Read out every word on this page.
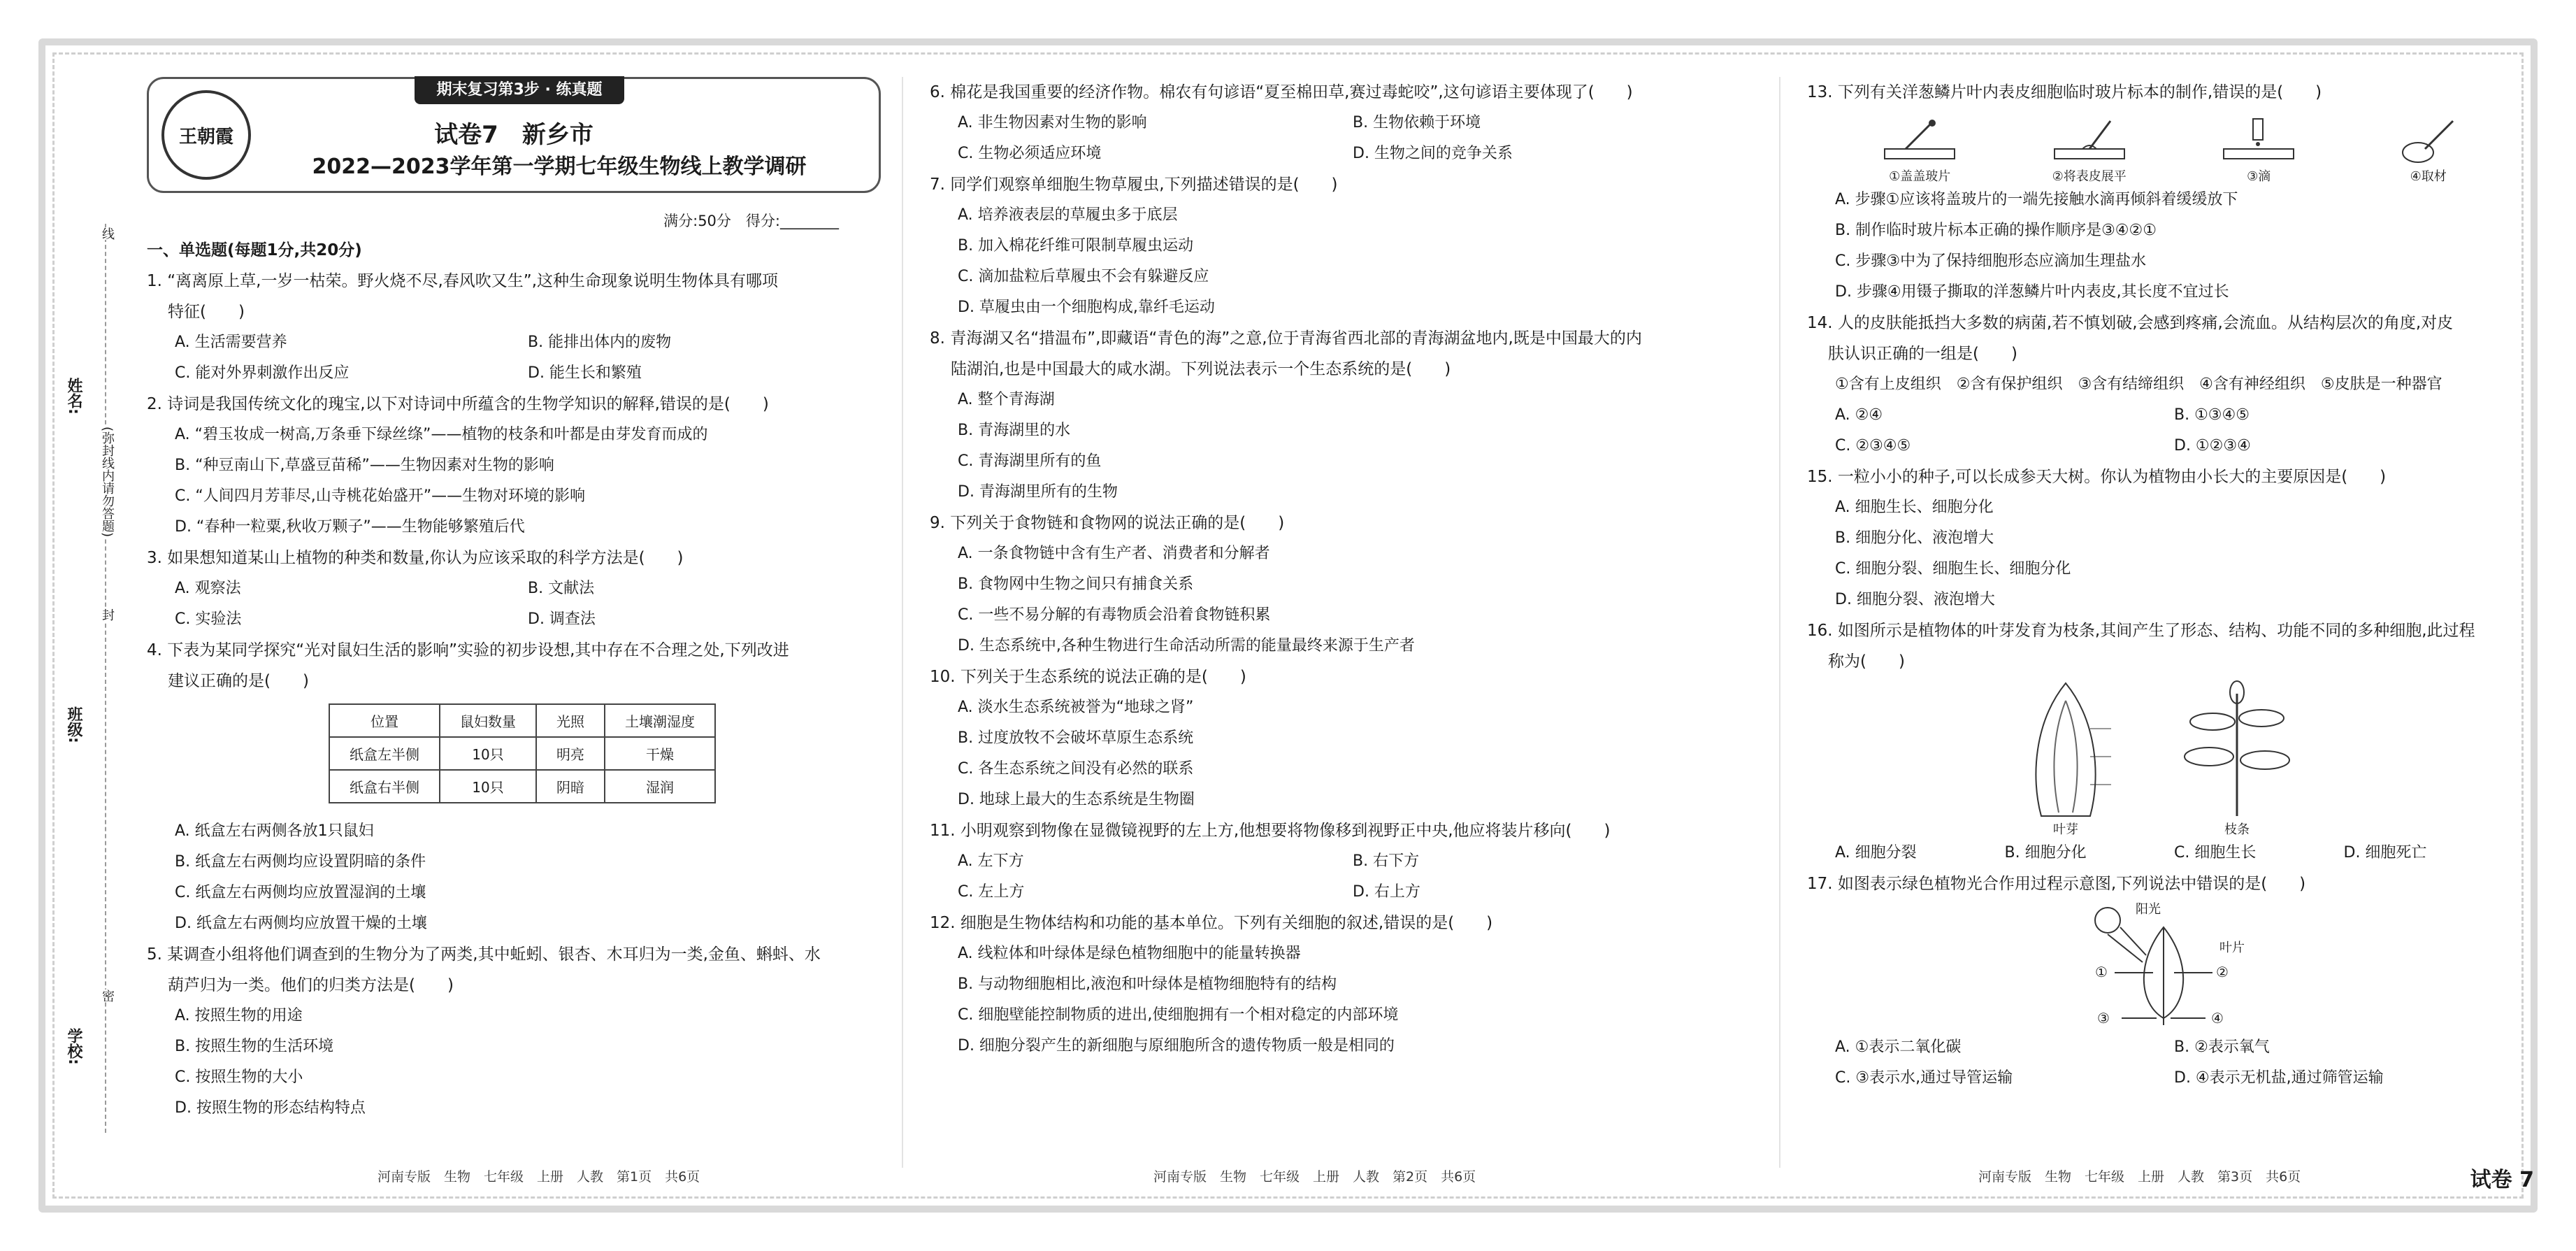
线
(弥封线内请勿答题)
封
密
姓名:
班级:
学校:
期末复习第3步 · 练真题
王朝霞	试卷7　新乡市
2022—2023学年第一学期七年级生物线上教学调研
满分:50分　得分:________
一、单选题(每题1分,共20分)
1. “离离原上草,一岁一枯荣。野火烧不尽,春风吹又生”,这种生命现象说明生物体具有哪项
特征(　　)
A. 生活需要营养	B. 能排出体内的废物
C. 能对外界刺激作出反应	D. 能生长和繁殖
2. 诗词是我国传统文化的瑰宝,以下对诗词中所蕴含的生物学知识的解释,错误的是(　　)
A. “碧玉妆成一树高,万条垂下绿丝绦”——植物的枝条和叶都是由芽发育而成的
B. “种豆南山下,草盛豆苗稀”——生物因素对生物的影响
C. “人间四月芳菲尽,山寺桃花始盛开”——生物对环境的影响
D. “春种一粒粟,秋收万颗子”——生物能够繁殖后代
3. 如果想知道某山上植物的种类和数量,你认为应该采取的科学方法是(　　)
A. 观察法	B. 文献法
C. 实验法	D. 调查法
4. 下表为某同学探究“光对鼠妇生活的影响”实验的初步设想,其中存在不合理之处,下列改进
建议正确的是(　　)
位置	鼠妇数量	光照	土壤潮湿度
纸盒左半侧	10只	明亮	干燥
纸盒右半侧	10只	阴暗	湿润
A. 纸盒左右两侧各放1只鼠妇
B. 纸盒左右两侧均应设置阴暗的条件
C. 纸盒左右两侧均应放置湿润的土壤
D. 纸盒左右两侧均应放置干燥的土壤
5. 某调查小组将他们调查到的生物分为了两类,其中蚯蚓、银杏、木耳归为一类,金鱼、蝌蚪、水
葫芦归为一类。他们的归类方法是(　　)
A. 按照生物的用途
B. 按照生物的生活环境
C. 按照生物的大小
D. 按照生物的形态结构特点
6. 棉花是我国重要的经济作物。棉农有句谚语“夏至棉田草,赛过毒蛇咬”,这句谚语主要体现了(　　)
A. 非生物因素对生物的影响	B. 生物依赖于环境
C. 生物必须适应环境	D. 生物之间的竞争关系
7. 同学们观察单细胞生物草履虫,下列描述错误的是(　　)
A. 培养液表层的草履虫多于底层
B. 加入棉花纤维可限制草履虫运动
C. 滴加盐粒后草履虫不会有躲避反应
D. 草履虫由一个细胞构成,靠纤毛运动
8. 青海湖又名“措温布”,即藏语“青色的海”之意,位于青海省西北部的青海湖盆地内,既是中国最大的内
陆湖泊,也是中国最大的咸水湖。下列说法表示一个生态系统的是(　　)
A. 整个青海湖
B. 青海湖里的水
C. 青海湖里所有的鱼
D. 青海湖里所有的生物
9. 下列关于食物链和食物网的说法正确的是(　　)
A. 一条食物链中含有生产者、消费者和分解者
B. 食物网中生物之间只有捕食关系
C. 一些不易分解的有毒物质会沿着食物链积累
D. 生态系统中,各种生物进行生命活动所需的能量最终来源于生产者
10. 下列关于生态系统的说法正确的是(　　)
A. 淡水生态系统被誉为“地球之肾”
B. 过度放牧不会破坏草原生态系统
C. 各生态系统之间没有必然的联系
D. 地球上最大的生态系统是生物圈
11. 小明观察到物像在显微镜视野的左上方,他想要将物像移到视野正中央,他应将装片移向(　　)
A. 左下方	B. 右下方
C. 左上方	D. 右上方
12. 细胞是生物体结构和功能的基本单位。下列有关细胞的叙述,错误的是(　　)
A. 线粒体和叶绿体是绿色植物细胞中的能量转换器
B. 与动物细胞相比,液泡和叶绿体是植物细胞特有的结构
C. 细胞壁能控制物质的进出,使细胞拥有一个相对稳定的内部环境
D. 细胞分裂产生的新细胞与原细胞所含的遗传物质一般是相同的
13. 下列有关洋葱鳞片叶内表皮细胞临时玻片标本的制作,错误的是(　　)
①盖盖玻片	②将表皮展平	③滴	④取材
A. 步骤①应该将盖玻片的一端先接触水滴再倾斜着缓缓放下
B. 制作临时玻片标本正确的操作顺序是③④②①
C. 步骤③中为了保持细胞形态应滴加生理盐水
D. 步骤④用镊子撕取的洋葱鳞片叶内表皮,其长度不宜过长
14. 人的皮肤能抵挡大多数的病菌,若不慎划破,会感到疼痛,会流血。从结构层次的角度,对皮
肤认识正确的一组是(　　)
①含有上皮组织　②含有保护组织　③含有结缔组织　④含有神经组织　⑤皮肤是一种器官
A. ②④	B. ①③④⑤
C. ②③④⑤	D. ①②③④
15. 一粒小小的种子,可以长成参天大树。你认为植物由小长大的主要原因是(　　)
A. 细胞生长、细胞分化
B. 细胞分化、液泡增大
C. 细胞分裂、细胞生长、细胞分化
D. 细胞分裂、液泡增大
16. 如图所示是植物体的叶芽发育为枝条,其间产生了形态、结构、功能不同的多种细胞,此过程
称为(　　)
叶芽	枝条
A. 细胞分裂	B. 细胞分化	C. 细胞生长	D. 细胞死亡
17. 如图表示绿色植物光合作用过程示意图,下列说法中错误的是(　　)
阳光
叶片
①	②
③	④
A. ①表示二氧化碳	B. ②表示氧气
C. ③表示水,通过导管运输	D. ④表示无机盐,通过筛管运输
河南专版　生物　七年级　上册　人教　第1页　共6页	河南专版　生物　七年级　上册　人教　第2页　共6页	河南专版　生物　七年级　上册　人教　第3页　共6页	试卷 7
